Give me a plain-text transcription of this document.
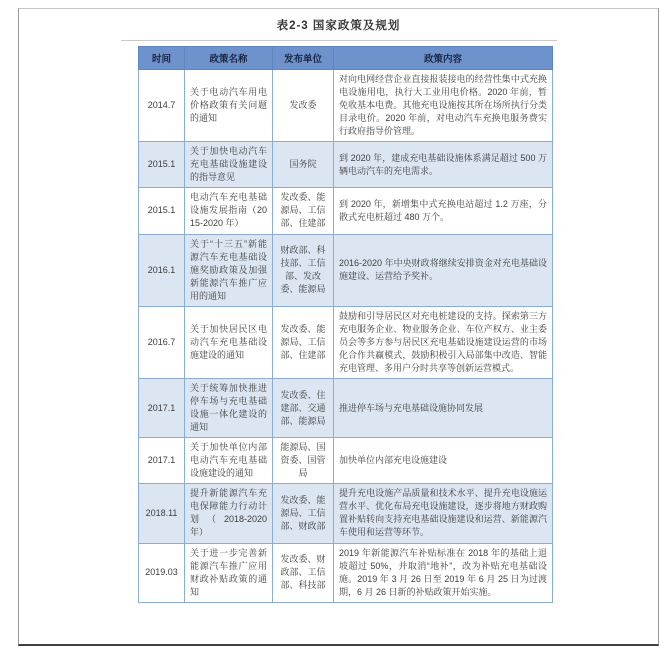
表2-3 国家政策及规划
时间	政策名称	发布单位	政策内容
2014.7	关于电动汽车用电价格政策有关问题的通知	发改委	对向电网经营企业直接报装接电的经营性集中式充换电设施用电，执行大工业用电价格。2020 年前，暂免收基本电费。其他充电设施按其所在场所执行分类目录电价。2020 年前，对电动汽车充换电服务费实行政府指导价管理。
2015.1	关于加快电动汽车充电基础设施建设的指导意见	国务院	到 2020 年，建成充电基础设施体系满足超过 500 万辆电动汽车的充电需求。
2015.1	电动汽车充电基础设施发展指南（2015-2020 年）	发改委、能源局、工信部、住建部	到 2020 年，新增集中式充换电站超过 1.2 万座，分散式充电桩超过 480 万个。
2016.1	关于“十三五”新能源汽车充电基础设施奖励政策及加强新能源汽车推广应用的通知	财政部、科技部、工信部、发改委、能源局	2016-2020 年中央财政将继续安排资金对充电基础设施建设、运营给予奖补。
2016.7	关于加快居民区电动汽车充电基础设施建设的通知	发改委、能源局、工信部、住建部	鼓励和引导居民区对充电桩建设的支持。探索第三方充电服务企业、物业服务企业、车位产权方、业主委员会等多方参与居民区充电基础设施建设运营的市场化合作共赢模式，鼓励积极引入局部集中改造、智能充电管理、多用户分时共享等创新运营模式。
2017.1	关于统筹加快推进停车场与充电基础设施一体化建设的通知	发改委、住建部、交通部、能源局	推进停车场与充电基础设施协同发展
2017.1	关于加快单位内部电动汽车充电基础设施建设的通知	能源局、国资委、国管局	加快单位内部充电设施建设
2018.11	提升新能源汽车充电保障能力行动计划（2018-2020 年）	发改委、能源局、工信部、财政部	提升充电设施产品质量和技术水平、提升充电设施运营水平、优化布局充电设施建设，逐步将地方财政购置补贴转向支持充电基础设施建设和运营、新能源汽车使用和运营等环节。
2019.03	关于进一步完善新能源汽车推广应用财政补贴政策的通知	发改委、财政部、工信部、科技部	2019 年新能源汽车补贴标准在 2018 年的基础上退坡超过 50%，并取消“地补”，改为补贴充电基础设施。2019 年 3 月 26 日至 2019 年 6 月 25 日为过渡期，6 月 26 日新的补贴政策开始实施。
